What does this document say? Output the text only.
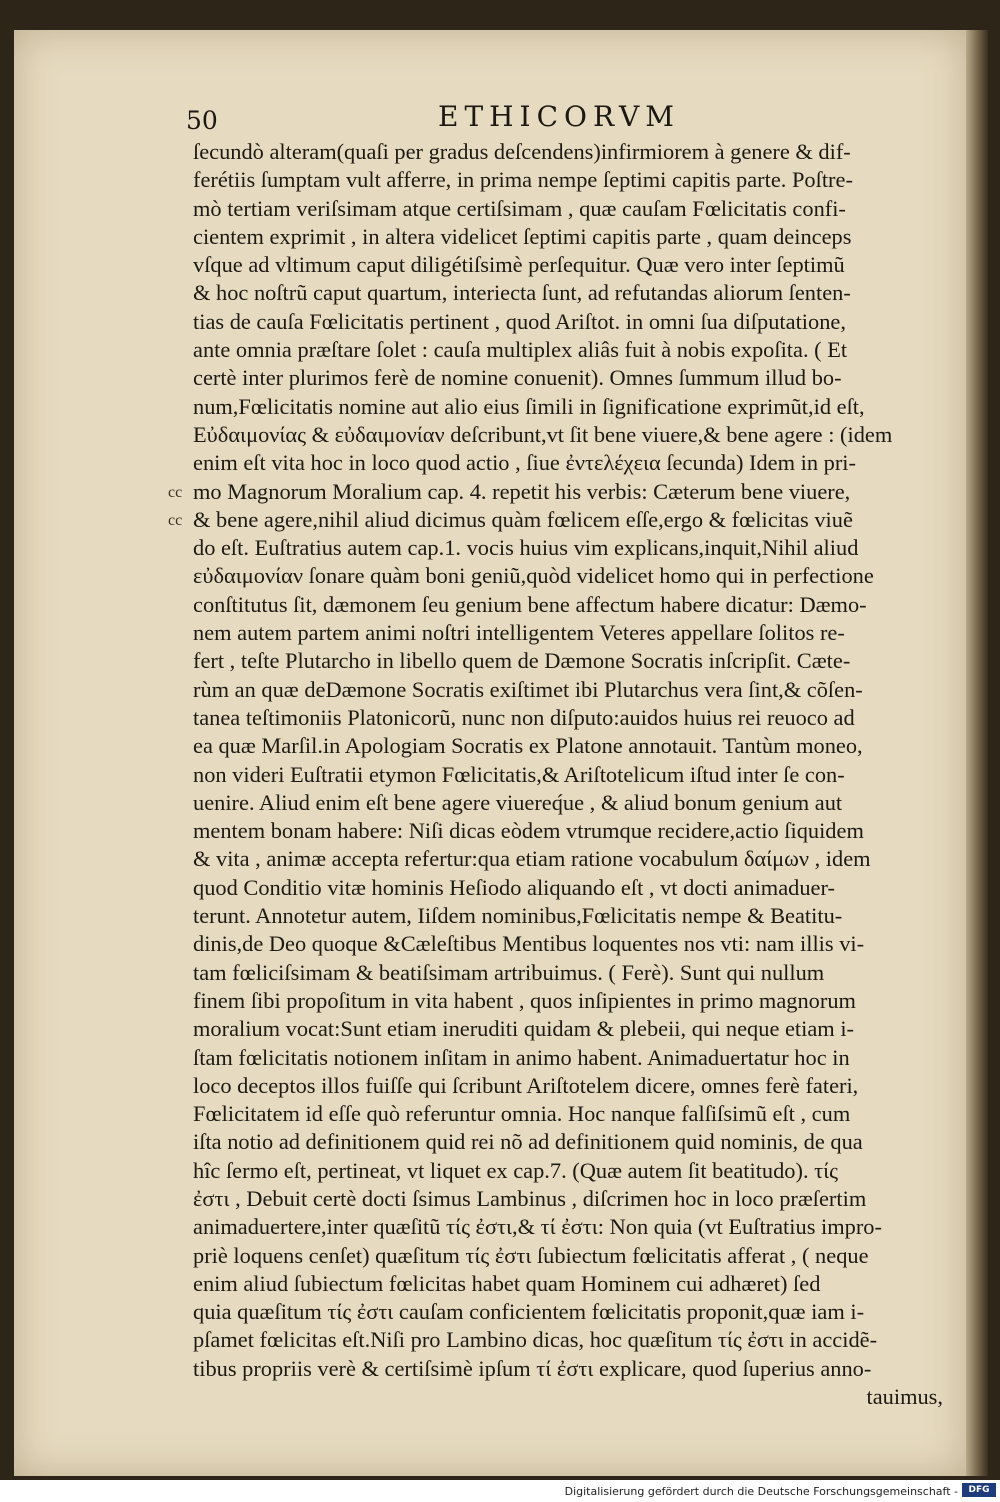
50	ETHICORVM
cc
cc
ſecundò alteram(quaſi per gradus deſcendens)infirmiorem à genere & dif-
ferétiis ſumptam vult afferre, in prima nempe ſeptimi capitis parte. Poſtre-
mò tertiam veriſsimam atque certiſsimam , quæ cauſam Fœlicitatis confi-
cientem exprimit , in altera videlicet ſeptimi capitis parte , quam deinceps
vſque ad vltimum caput diligétiſsimè perſequitur. Quæ vero inter ſeptimũ
& hoc noſtrũ caput quartum, interiecta ſunt, ad refutandas aliorum ſenten-
tias de cauſa Fœlicitatis pertinent , quod Ariſtot. in omni ſua diſputatione,
ante omnia præſtare ſolet : cauſa multiplex aliâs fuit à nobis expoſita. ( Et
certè inter plurimos ferè de nomine conuenit). Omnes ſummum illud bo-
num,Fœlicitatis nomine aut alio eius ſimili in ſignificatione exprimũt,id eſt,
Εὐδαιμονίας & εὐδαιμονίαν deſcribunt,vt ſit bene viuere,& bene agere : (idem
enim eſt vita hoc in loco quod actio , ſiue ἐντελέχεια ſecunda) Idem in pri-
mo Magnorum Moralium cap. 4. repetit his verbis: Cæterum bene viuere,
& bene agere,nihil aliud dicimus quàm fœlicem eſſe,ergo & fœlicitas viuẽ
do eſt. Euſtratius autem cap.1. vocis huius vim explicans,inquit,Nihil aliud
εὐδαιμονίαν ſonare quàm boni geniũ,quòd videlicet homo qui in perfectione
conſtitutus ſit, dæmonem ſeu genium bene affectum habere dicatur: Dæmo-
nem autem partem animi noſtri intelligentem Veteres appellare ſolitos re-
fert , teſte Plutarcho in libello quem de Dæmone Socratis inſcripſit. Cæte-
rùm an quæ deDæmone Socratis exiſtimet ibi Plutarchus vera ſint,& cõſen-
tanea teſtimoniis Platonicorũ, nunc non diſputo:auidos huius rei reuoco ad
ea quæ Marſil.in Apologiam Socratis ex Platone annotauit. Tantùm moneo,
non videri Euſtratii etymon Fœlicitatis,& Ariſtotelicum iſtud inter ſe con-
uenire. Aliud enim eſt bene agere viuereq́ue , & aliud bonum genium aut
mentem bonam habere: Niſi dicas eòdem vtrumque recidere,actio ſiquidem
& vita , animæ accepta refertur:qua etiam ratione vocabulum δαίμων , idem
quod Conditio vitæ hominis Heſiodo aliquando eſt , vt docti animaduer-
terunt. Annotetur autem, Iiſdem nominibus,Fœlicitatis nempe & Beatitu-
dinis,de Deo quoque &Cæleſtibus Mentibus loquentes nos vti: nam illis vi-
tam fœliciſsimam & beatiſsimam artribuimus. ( Ferè). Sunt qui nullum
finem ſibi propoſitum in vita habent , quos inſipientes in primo magnorum
moralium vocat:Sunt etiam ineruditi quidam & plebeii, qui neque etiam i-
ſtam fœlicitatis notionem inſitam in animo habent. Animaduertatur hoc in
loco deceptos illos fuiſſe qui ſcribunt Ariſtotelem dicere, omnes ferè fateri,
Fœlicitatem id eſſe quò referuntur omnia. Hoc nanque falſiſsimũ eſt , cum
iſta notio ad definitionem quid rei nõ ad definitionem quid nominis, de qua
hîc ſermo eſt, pertineat, vt liquet ex cap.7. (Quæ autem ſit beatitudo). τίς
ἐστι , Debuit certè docti ſsimus Lambinus , diſcrimen hoc in loco præſertim
animaduertere,inter quæſitũ τίς ἐστι,& τί ἐστι: Non quia (vt Euſtratius impro-
priè loquens cenſet) quæſitum τίς ἐστι ſubiectum fœlicitatis afferat , ( neque
enim aliud ſubiectum fœlicitas habet quam Hominem cui adhæret) ſed
quia quæſitum τίς ἐστι cauſam conficientem fœlicitatis proponit,quæ iam i-
pſamet fœlicitas eſt.Niſi pro Lambino dicas, hoc quæſitum τίς ἐστι in accidẽ-
tibus propriis verè & certiſsimè ipſum τί ἐστι explicare, quod ſuperius anno-
tauimus,
Digitalisierung gefördert durch die Deutsche Forschungsgemeinschaft -	DFG
